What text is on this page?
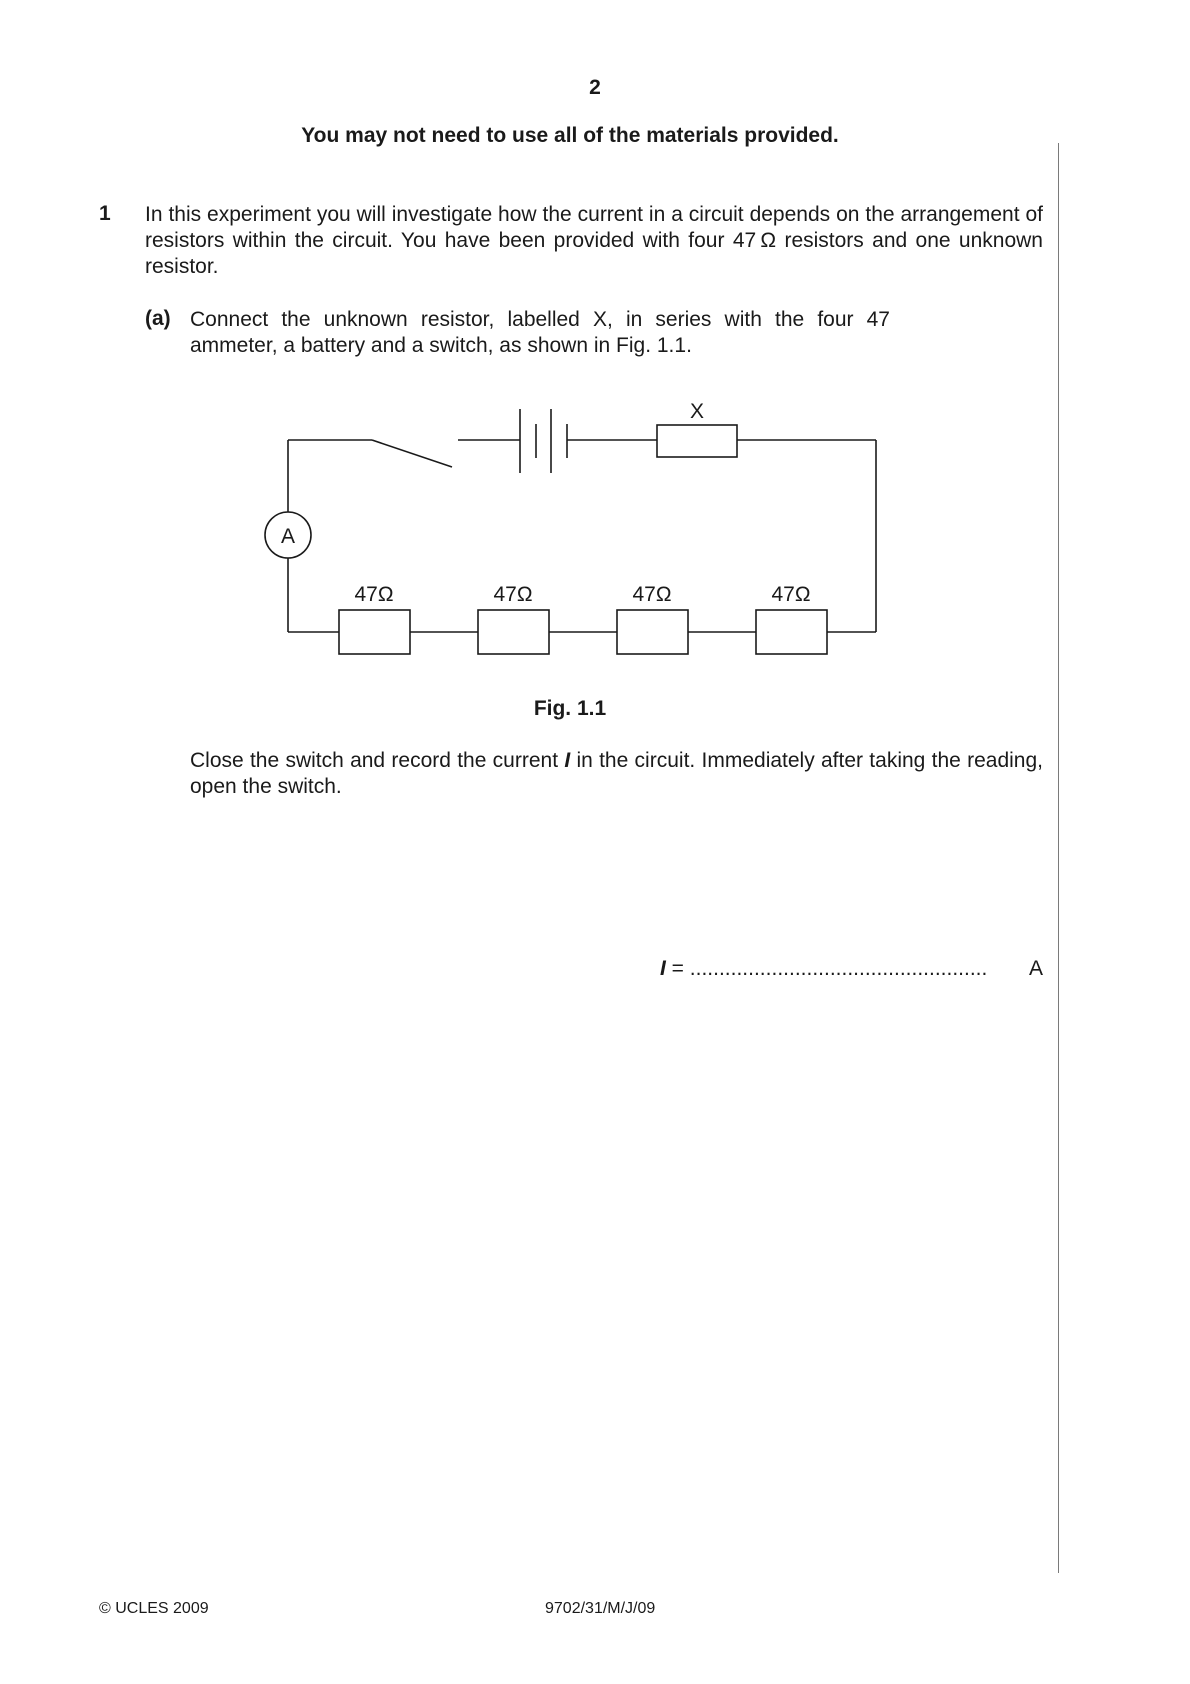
2
You may not need to use all of the materials provided.
1 In this experiment you will investigate how the current in a circuit depends on the arrangement of resistors within the circuit. You have been provided with four 47 Ω resistors and one unknown resistor.
(a) Connect the unknown resistor, labelled X, in series with the four 47
ammeter, a battery and a switch, as shown in Fig. 1.1.
A
X
47Ω	47Ω	47Ω	47Ω
Fig. 1.1
Close the switch and record the current I in the circuit. Immediately after taking the reading, open the switch.
I = ................................................... A
© UCLES 2009	9702/31/M/J/09
